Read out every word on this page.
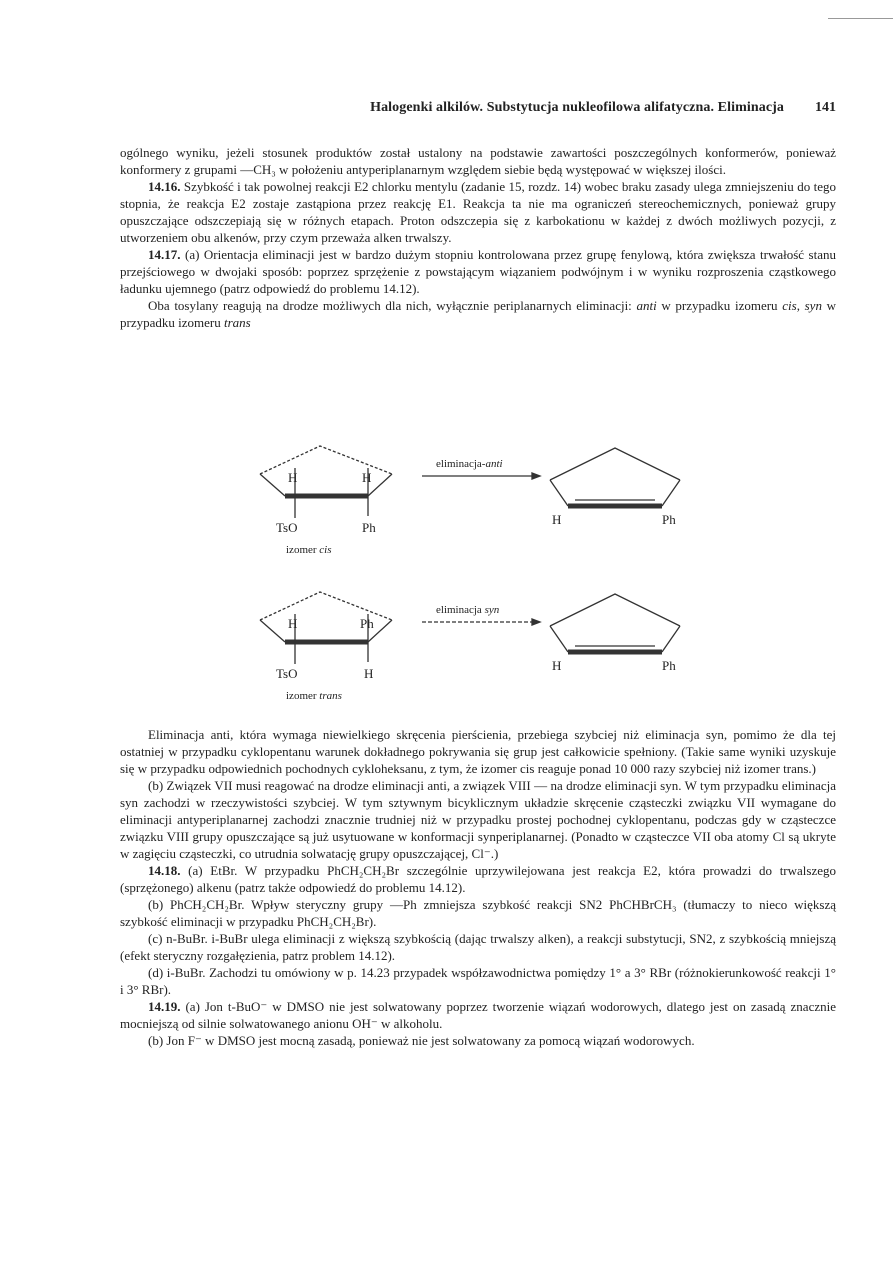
Halogenki alkilów. Substytucja nukleofilowa alifatyczna. Eliminacja 141

ogólnego wyniku, jeżeli stosunek produktów został ustalony na podstawie zawartości poszczególnych konformerów, ponieważ konformery z grupami —CH₃ w położeniu antyperiplanarnym względem siebie będą występować w większej ilości.

14.16. Szybkość i tak powolnej reakcji E2 chlorku mentylu (zadanie 15, rozdz. 14) wobec braku zasady ulega zmniejszeniu do tego stopnia, że reakcja E2 zostaje zastąpiona przez reakcję E1. Reakcja ta nie ma ograniczeń stereochemicznych, ponieważ grupy opuszczające odszczepiają się w różnych etapach. Proton odszczepia się z karbokationu w każdej z dwóch możliwych pozycji, z utworzeniem obu alkenów, przy czym przeważa alken trwalszy.

14.17. (a) Orientacja eliminacji jest w bardzo dużym stopniu kontrolowana przez grupę fenylową, która zwiększa trwałość stanu przejściowego w dwojaki sposób: poprzez sprzężenie z powstającym wiązaniem podwójnym i w wyniku rozproszenia cząstkowego ładunku ujemnego (patrz odpowiedź do problemu 14.12).

Oba tosylany reagują na drodze możliwych dla nich, wyłącznie periplanarnych eliminacji: anti w przypadku izomeru cis, syn w przypadku izomeru trans

H	H
TsO	Ph
izomer cis
eliminacja-anti
H	Ph
H	Ph
TsO	H
izomer trans
eliminacja syn
H	Ph

Eliminacja anti, która wymaga niewielkiego skręcenia pierścienia, przebiega szybciej niż eliminacja syn, pomimo że dla tej ostatniej w przypadku cyklopentanu warunek dokładnego pokrywania się grup jest całkowicie spełniony. (Takie same wyniki uzyskuje się w przypadku odpowiednich pochodnych cykloheksanu, z tym, że izomer cis reaguje ponad 10 000 razy szybciej niż izomer trans.)

(b) Związek VII musi reagować na drodze eliminacji anti, a związek VIII — na drodze eliminacji syn. W tym przypadku eliminacja syn zachodzi w rzeczywistości szybciej. W tym sztywnym bicyklicznym układzie skręcenie cząsteczki związku VII wymagane do eliminacji antyperiplanarnej zachodzi znacznie trudniej niż w przypadku prostej pochodnej cyklopentanu, podczas gdy w cząsteczce związku VIII grupy opuszczające są już usytuowane w konformacji synperiplanarnej. (Ponadto w cząsteczce VII oba atomy Cl są ukryte w zagięciu cząsteczki, co utrudnia solwatację grupy opuszczającej, Cl⁻.)

14.18. (a) EtBr. W przypadku PhCH₂CH₂Br szczególnie uprzywilejowana jest reakcja E2, która prowadzi do trwalszego (sprzężonego) alkenu (patrz także odpowiedź do problemu 14.12).

(b) PhCH₂CH₂Br. Wpływ steryczny grupy —Ph zmniejsza szybkość reakcji SN2 PhCHBrCH₃ (tłumaczy to nieco większą szybkość eliminacji w przypadku PhCH₂CH₂Br).

(c) n-BuBr. i-BuBr ulega eliminacji z większą szybkością (dając trwalszy alken), a reakcji substytucji, SN2, z szybkością mniejszą (efekt steryczny rozgałęzienia, patrz problem 14.12).

(d) i-BuBr. Zachodzi tu omówiony w p. 14.23 przypadek współzawodnictwa pomiędzy 1° a 3° RBr (różnokierunkowość reakcji 1° i 3° RBr).

14.19. (a) Jon t-BuO⁻ w DMSO nie jest solwatowany poprzez tworzenie wiązań wodorowych, dlatego jest on zasadą znacznie mocniejszą od silnie solwatowanego anionu OH⁻ w alkoholu.

(b) Jon F⁻ w DMSO jest mocną zasadą, ponieważ nie jest solwatowany za pomocą wiązań wodorowych.
